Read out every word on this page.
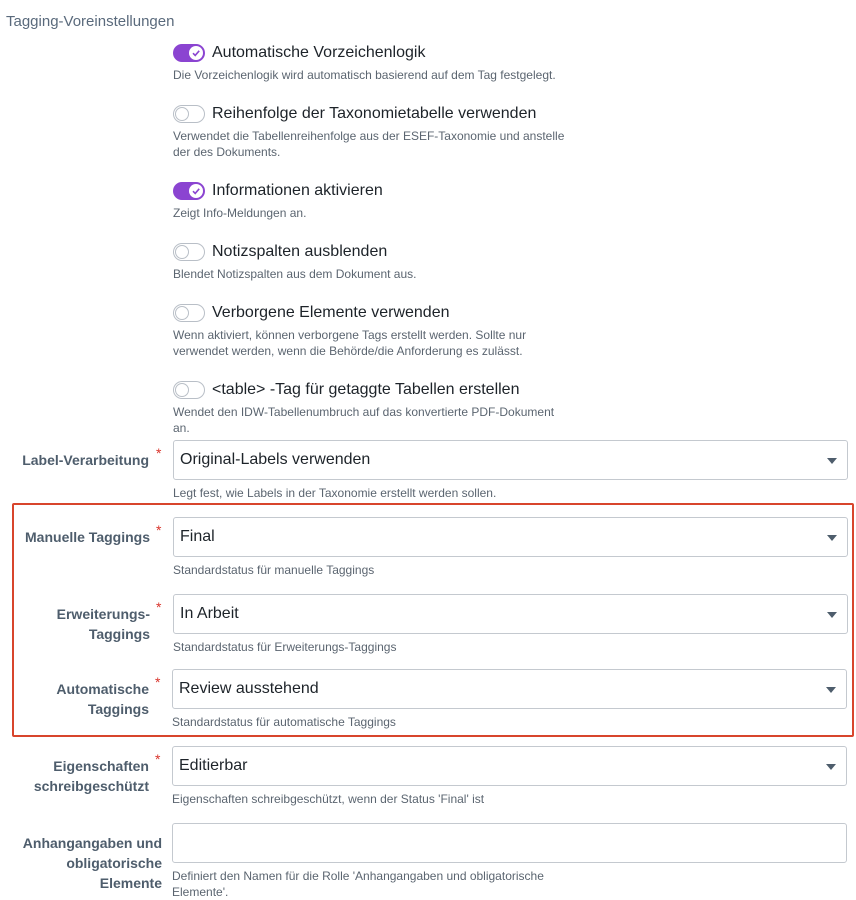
Tagging-Voreinstellungen
Automatische Vorzeichenlogik
Die Vorzeichenlogik wird automatisch basierend auf dem Tag festgelegt.
Reihenfolge der Taxonomietabelle verwenden
Verwendet die Tabellenreihenfolge aus der ESEF-Taxonomie und anstelle der des Dokuments.
Informationen aktivieren
Zeigt Info-Meldungen an.
Notizspalten ausblenden
Blendet Notizspalten aus dem Dokument aus.
Verborgene Elemente verwenden
Wenn aktiviert, können verborgene Tags erstellt werden. Sollte nur verwendet werden, wenn die Behörde/die Anforderung es zulässt.
<table> -Tag für getaggte Tabellen erstellen
Wendet den IDW-Tabellenumbruch auf das konvertierte PDF-Dokument an.
Label-Verarbeitung * Original-Labels verwenden
Legt fest, wie Labels in der Taxonomie erstellt werden sollen.
Manuelle Taggings * Final
Standardstatus für manuelle Taggings
Erweiterungs-
Taggings
* In Arbeit
Standardstatus für Erweiterungs-Taggings
Automatische
Taggings
* Review ausstehend
Standardstatus für automatische Taggings
Eigenschaften
schreibgeschützt
* Editierbar
Eigenschaften schreibgeschützt, wenn der Status 'Final' ist
Anhangangaben und
obligatorische
Elemente Definiert den Namen für die Rolle 'Anhangangaben und obligatorische
Elemente'.
